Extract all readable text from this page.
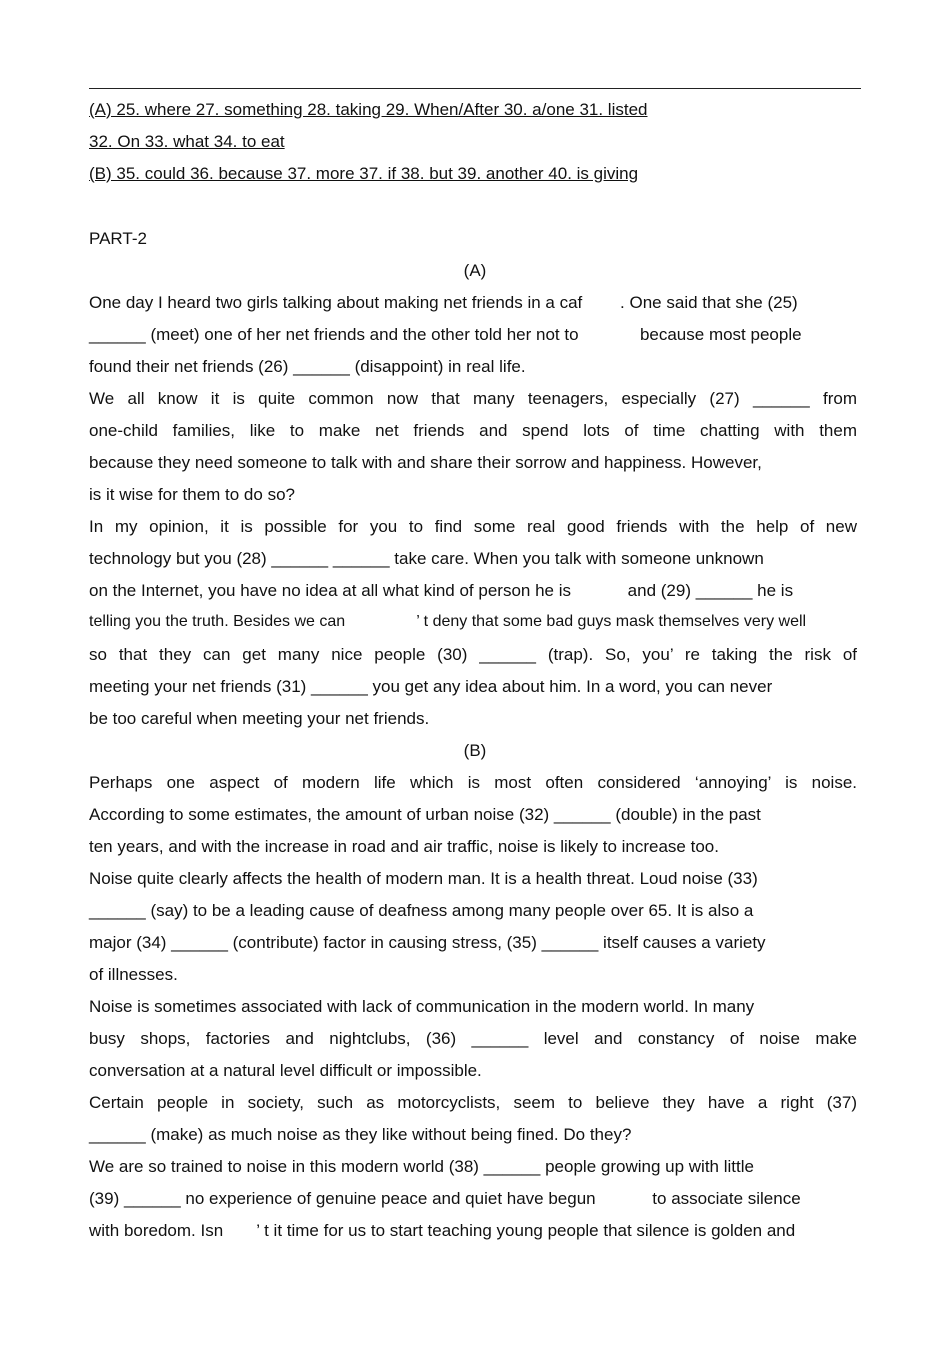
(A) 25. where 27. something 28. taking 29. When/After 30. a/one 31. listed
32. On 33. what 34. to eat
(B) 35. could 36. because 37. more 37. if 38. but 39. another 40. is giving
PART-2
(A)
One day I heard two girls talking about making net friends in a caf        . One said that she (25)
______ (meet) one of her net friends and the other told her not to             because most people
found their net friends (26) ______ (disappoint) in real life.
We all know it is quite common now that many teenagers, especially (27) ______ from
one-child families, like to make net friends and spend lots of time chatting with them
because they need someone to talk with and share their sorrow and happiness. However,
is it wise for them to do so?
In my opinion, it is possible for you to find some real good friends with the help of new
technology but you (28) ______ ______ take care. When you talk with someone unknown
on the Internet, you have no idea at all what kind of person he is            and (29) ______ he is
telling you the truth. Besides we can                ’ t deny that some bad guys mask themselves very well
so that they can get many nice people (30) ______ (trap). So, you’ re taking the risk of
meeting your net friends (31) ______ you get any idea about him. In a word, you can never
be too careful when meeting your net friends.
(B)
Perhaps one aspect of modern life which is most often considered ‘annoying’ is noise.
According to some estimates, the amount of urban noise (32) ______ (double) in the past
ten years, and with the increase in road and air traffic, noise is likely to increase too.
Noise quite clearly affects the health of modern man. It is a health threat. Loud noise (33)
______ (say) to be a leading cause of deafness among many people over 65. It is also a
major (34) ______ (contribute) factor in causing stress, (35) ______ itself causes a variety
of illnesses.
Noise is sometimes associated with lack of communication in the modern world. In many
busy shops, factories and nightclubs, (36) ______ level and constancy of noise make
conversation at a natural level difficult or impossible.
Certain people in society, such as motorcyclists, seem to believe they have a right (37)
______ (make) as much noise as they like without being fined. Do they?
We are so trained to noise in this modern world (38) ______ people growing up with little
(39) ______ no experience of genuine peace and quiet have begun            to associate silence
with boredom. Isn       ’ t it time for us to start teaching young people that silence is golden and
